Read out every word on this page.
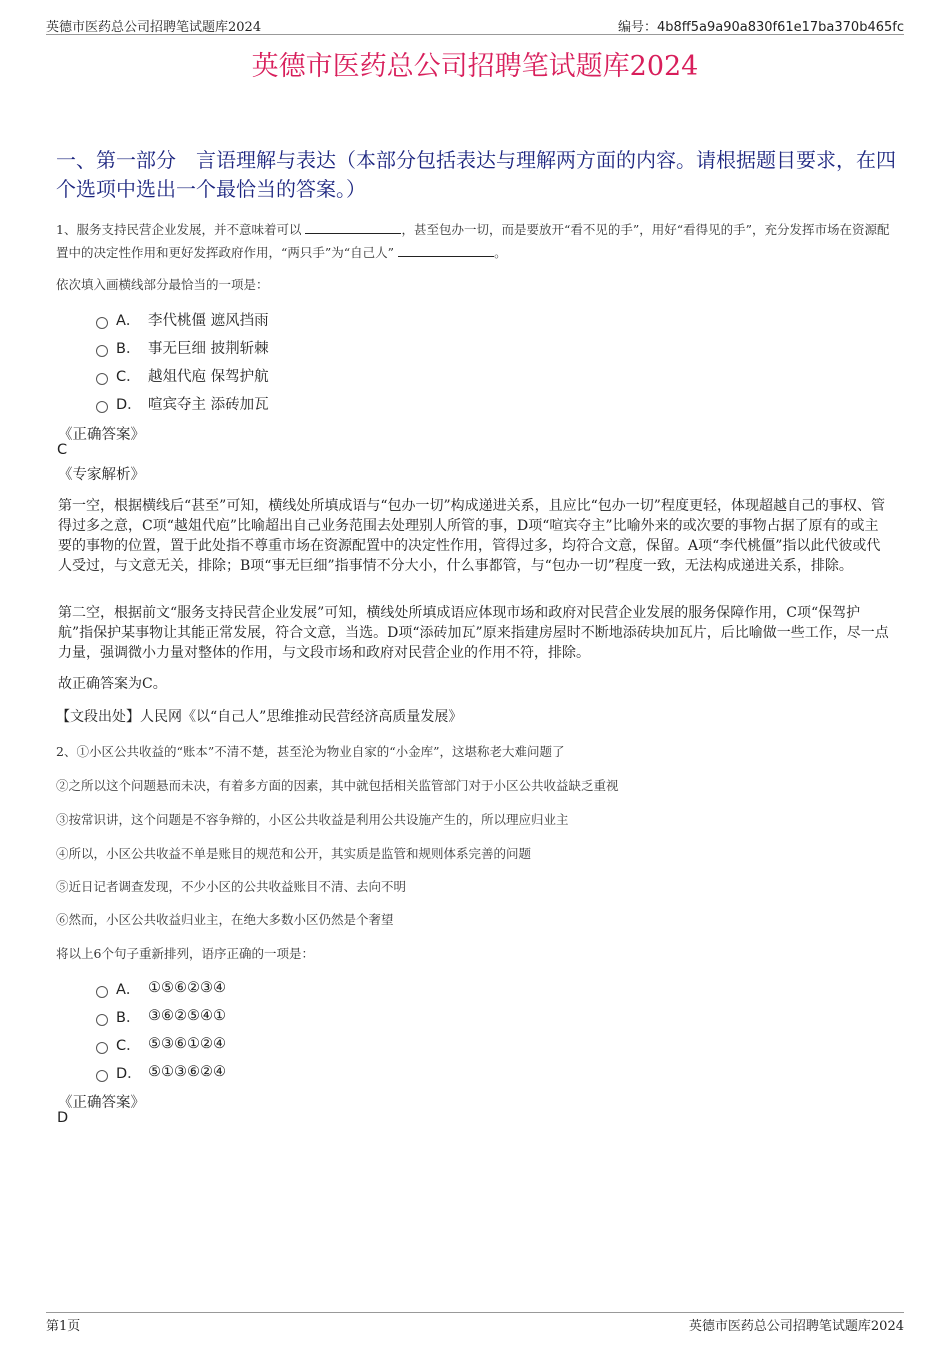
英德市医药总公司招聘笔试题库2024	编号：4b8ff5a9a90a830f61e17ba370b465fc
英德市医药总公司招聘笔试题库2024
一、第一部分　言语理解与表达（本部分包括表达与理解两方面的内容。请根据题目要求，在四个选项中选出一个最恰当的答案。）

1、服务支持民营企业发展，并不意味着可以	，甚至包办一切，而是要放开“看不见的手”，用好“看得见的手”，充分发挥市场在资源配置中的决定性作用和更好发挥政府作用，“两只手”为“自己人”	。

依次填入画横线部分最恰当的一项是：

A． 李代桃僵 遮风挡雨
B． 事无巨细 披荆斩棘
C． 越俎代庖 保驾护航
D． 喧宾夺主 添砖加瓦
《正确答案》
C
《专家解析》

第一空，根据横线后“甚至”可知，横线处所填成语与“包办一切”构成递进关系，且应比“包办一切”程度更轻，体现超越自己的事权、管得过多之意，C项“越俎代庖”比喻超出自己业务范围去处理别人所管的事，D项“喧宾夺主”比喻外来的或次要的事物占据了原有的或主要的事物的位置，置于此处指不尊重市场在资源配置中的决定性作用，管得过多，均符合文意，保留。A项“李代桃僵”指以此代彼或代人受过，与文意无关，排除；B项“事无巨细”指事情不分大小，什么事都管，与“包办一切”程度一致，无法构成递进关系，排除。

第二空，根据前文“服务支持民营企业发展”可知，横线处所填成语应体现市场和政府对民营企业发展的服务保障作用，C项“保驾护航”指保护某事物让其能正常发展，符合文意，当选。D项“添砖加瓦”原来指建房屋时不断地添砖块加瓦片，后比喻做一些工作，尽一点力量，强调微小力量对整体的作用，与文段市场和政府对民营企业的作用不符，排除。

故正确答案为C。

【文段出处】人民网《以“自己人”思维推动民营经济高质量发展》

2、①小区公共收益的“账本”不清不楚，甚至沦为物业自家的“小金库”，这堪称老大难问题了

②之所以这个问题悬而未决，有着多方面的因素，其中就包括相关监管部门对于小区公共收益缺乏重视

③按常识讲，这个问题是不容争辩的，小区公共收益是利用公共设施产生的，所以理应归业主

④所以，小区公共收益不单是账目的规范和公开，其实质是监管和规则体系完善的问题

⑤近日记者调查发现，不少小区的公共收益账目不清、去向不明

⑥然而，小区公共收益归业主，在绝大多数小区仍然是个奢望

将以上6个句子重新排列，语序正确的一项是：

A． ①⑤⑥②③④
B． ③⑥②⑤④①
C． ⑤③⑥①②④
D． ⑤①③⑥②④
《正确答案》
D
第1页	英德市医药总公司招聘笔试题库2024
